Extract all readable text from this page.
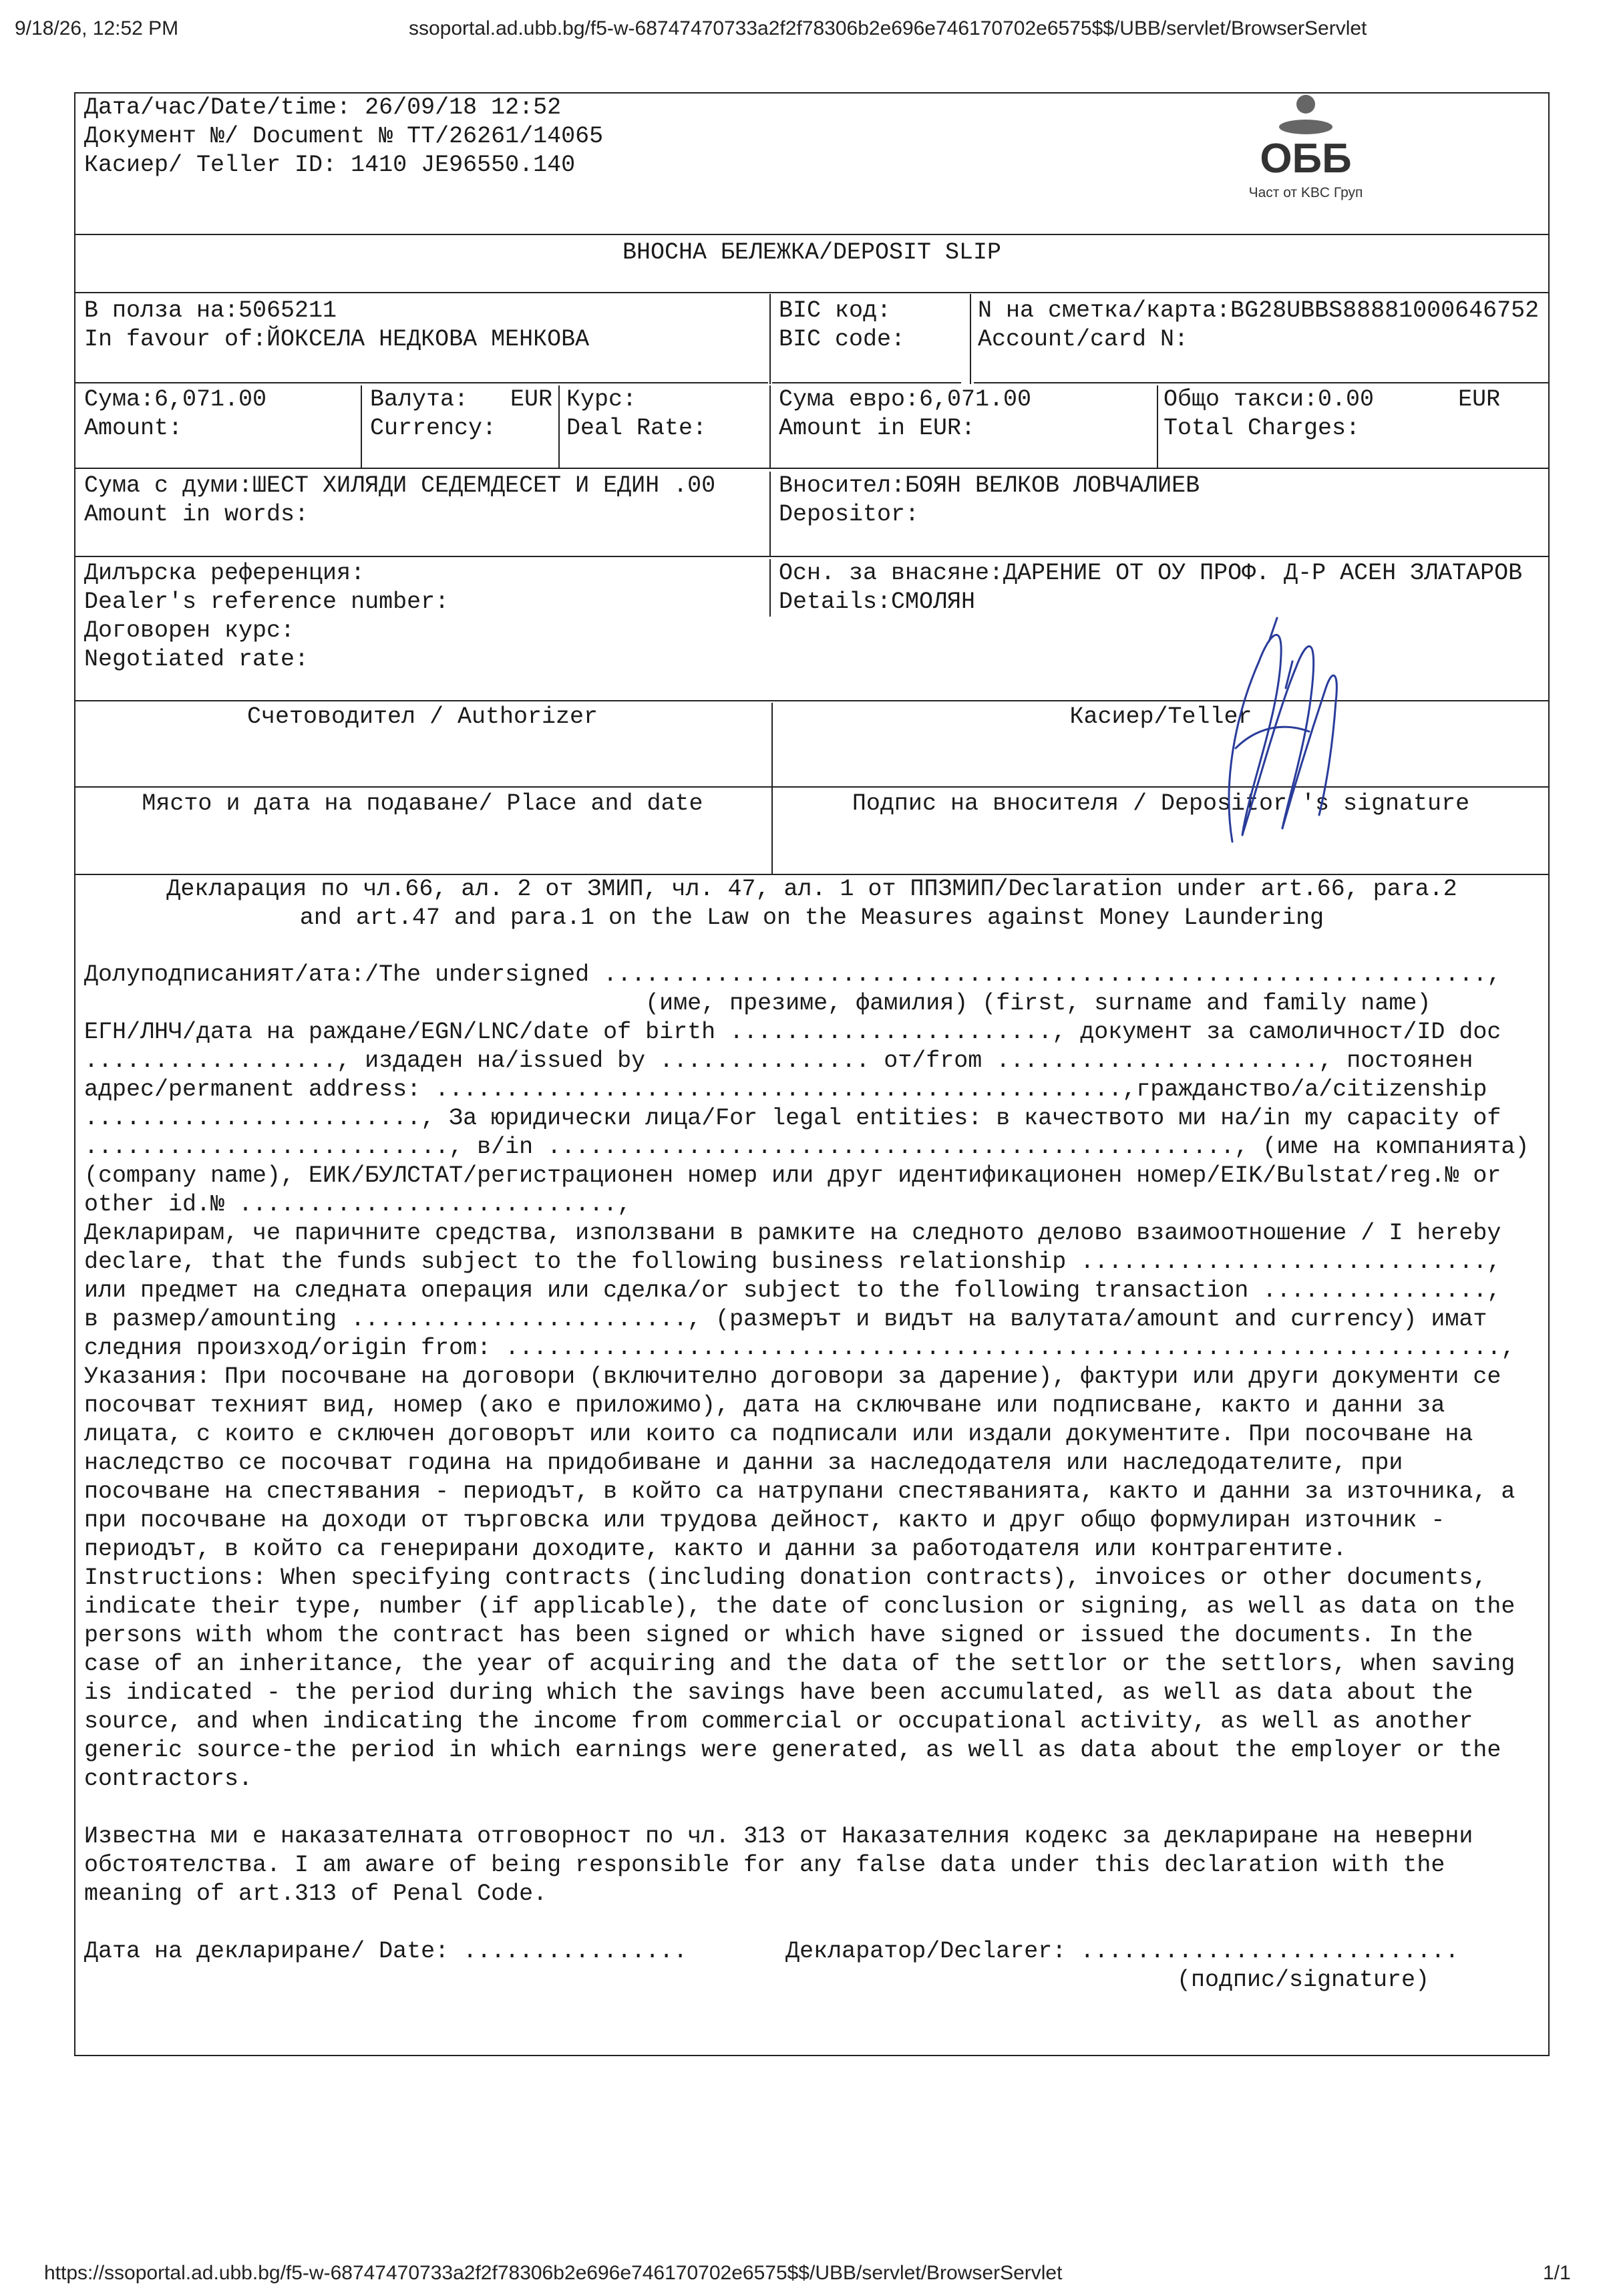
9/18/26, 12:52 PM	ssoportal.ad.ubb.bg/f5-w-68747470733a2f2f78306b2e696e746170702e6575$$/UBB/servlet/BrowserServlet
https://ssoportal.ad.ubb.bg/f5-w-68747470733a2f2f78306b2e696e746170702e6575$$/UBB/servlet/BrowserServlet	1/1
Дата/час/Date/time: 26/09/18 12:52
Документ №/ Document № TT/26261/14065
Касиер/ Teller ID: 1410 JE96550.140	ОББ
Част от KBC Груп
ВНОСНА БЕЛЕЖКА/DEPOSIT SLIP
В полза на:5065211
In favour of:ЙОКСЕЛА НЕДКОВА МЕНКОВА
BIC код:
BIC code:
N на сметка/карта:BG28UBBS88881000646752
Account/card N:
Сума:6,071.00
Amount:
Валута:   EUR
Currency:
Курс:
Deal Rate:
Сума евро:6,071.00
Amount in EUR:
Общо такси:0.00      EUR
Total Charges:
Сума с думи:ШЕСТ ХИЛЯДИ СЕДЕМДЕСЕТ И ЕДИН .00
Amount in words:
Вносител:БОЯН ВЕЛКОВ ЛОВЧАЛИЕВ
Depositor:
Дилърска референция:
Dealer's reference number:
Договорен курс:
Negotiated rate:
Осн. за внасяне:ДАРЕНИЕ ОТ ОУ ПРОФ. Д-Р АСЕН ЗЛАТАРОВ
Details:СМОЛЯН
Счетоводител / Authorizer	Касиер/Teller
Място и дата на подаване/ Place and date	Подпис на вносителя / Depositor 's signature
Декларация по чл.66, ал. 2 от ЗМИП, чл. 47, ал. 1 от ППЗМИП/Declaration under art.66, para.2
and art.47 and para.1 on the Law on the Measures against Money Laundering
Долуподписаният/ата:/The undersigned ...............................................................,
(име, презиме, фамилия) (first, surname and family name)
ЕГН/ЛНЧ/дата на раждане/EGN/LNC/date of birth ......................., документ за самоличност/ID doc
.................., издаден на/issued by ............... от/from ......................., постоянен
адрес/permanent address: .................................................,гражданство/а/citizenship
........................, За юридически лица/For legal entities: в качеството ми на/in my capacity of
.........................., в/in ................................................., (име на компанията)
(company name), ЕИК/БУЛСТАТ/регистрационен номер или друг идентификационен номер/EIK/Bulstat/reg.№ or
other id.№ ...........................,
Декларирам, че паричните средства, използвани в рамките на следното делово взаимоотношение / I hereby
declare, that the funds subject to the following business relationship .............................,
или предмет на следната операция или сделка/or subject to the following transaction ................,
в размер/amounting ........................, (размерът и видът на валутата/amount and currency) имат
следния произход/origin from: .......................................................................,
Указания: При посочване на договори (включително договори за дарение), фактури или други документи се
посочват техният вид, номер (ако е приложимо), дата на сключване или подписване, както и данни за
лицата, с които е сключен договорът или които са подписали или издали документите. При посочване на
наследство се посочват година на придобиване и данни за наследодателя или наследодателите, при
посочване на спестявания - периодът, в който са натрупани спестяванията, както и данни за източника, а
при посочване на доходи от търговска или трудова дейност, както и друг общо формулиран източник -
периодът, в който са генерирани доходите, както и данни за работодателя или контрагентите.
Instructions: When specifying contracts (including donation contracts), invoices or other documents,
indicate their type, number (if applicable), the date of conclusion or signing, as well as data on the
persons with whom the contract has been signed or which have signed or issued the documents. In the
case of an inheritance, the year of acquiring and the data of the settlor or the settlors, when saving
is indicated - the period during which the savings have been accumulated, as well as data about the
source, and when indicating the income from commercial or occupational activity, as well as another
generic source-the period in which earnings were generated, as well as data about the employer or the
contractors.
Известна ми е наказателната отговорност по чл. 313 от Наказателния кодекс за деклариране на неверни
обстоятелства. I am aware of being responsible for any false data under this declaration with the
meaning of art.313 of Penal Code.
Дата на деклариране/ Date: ................       Декларатор/Declarer: ...........................
(подпис/signature)
